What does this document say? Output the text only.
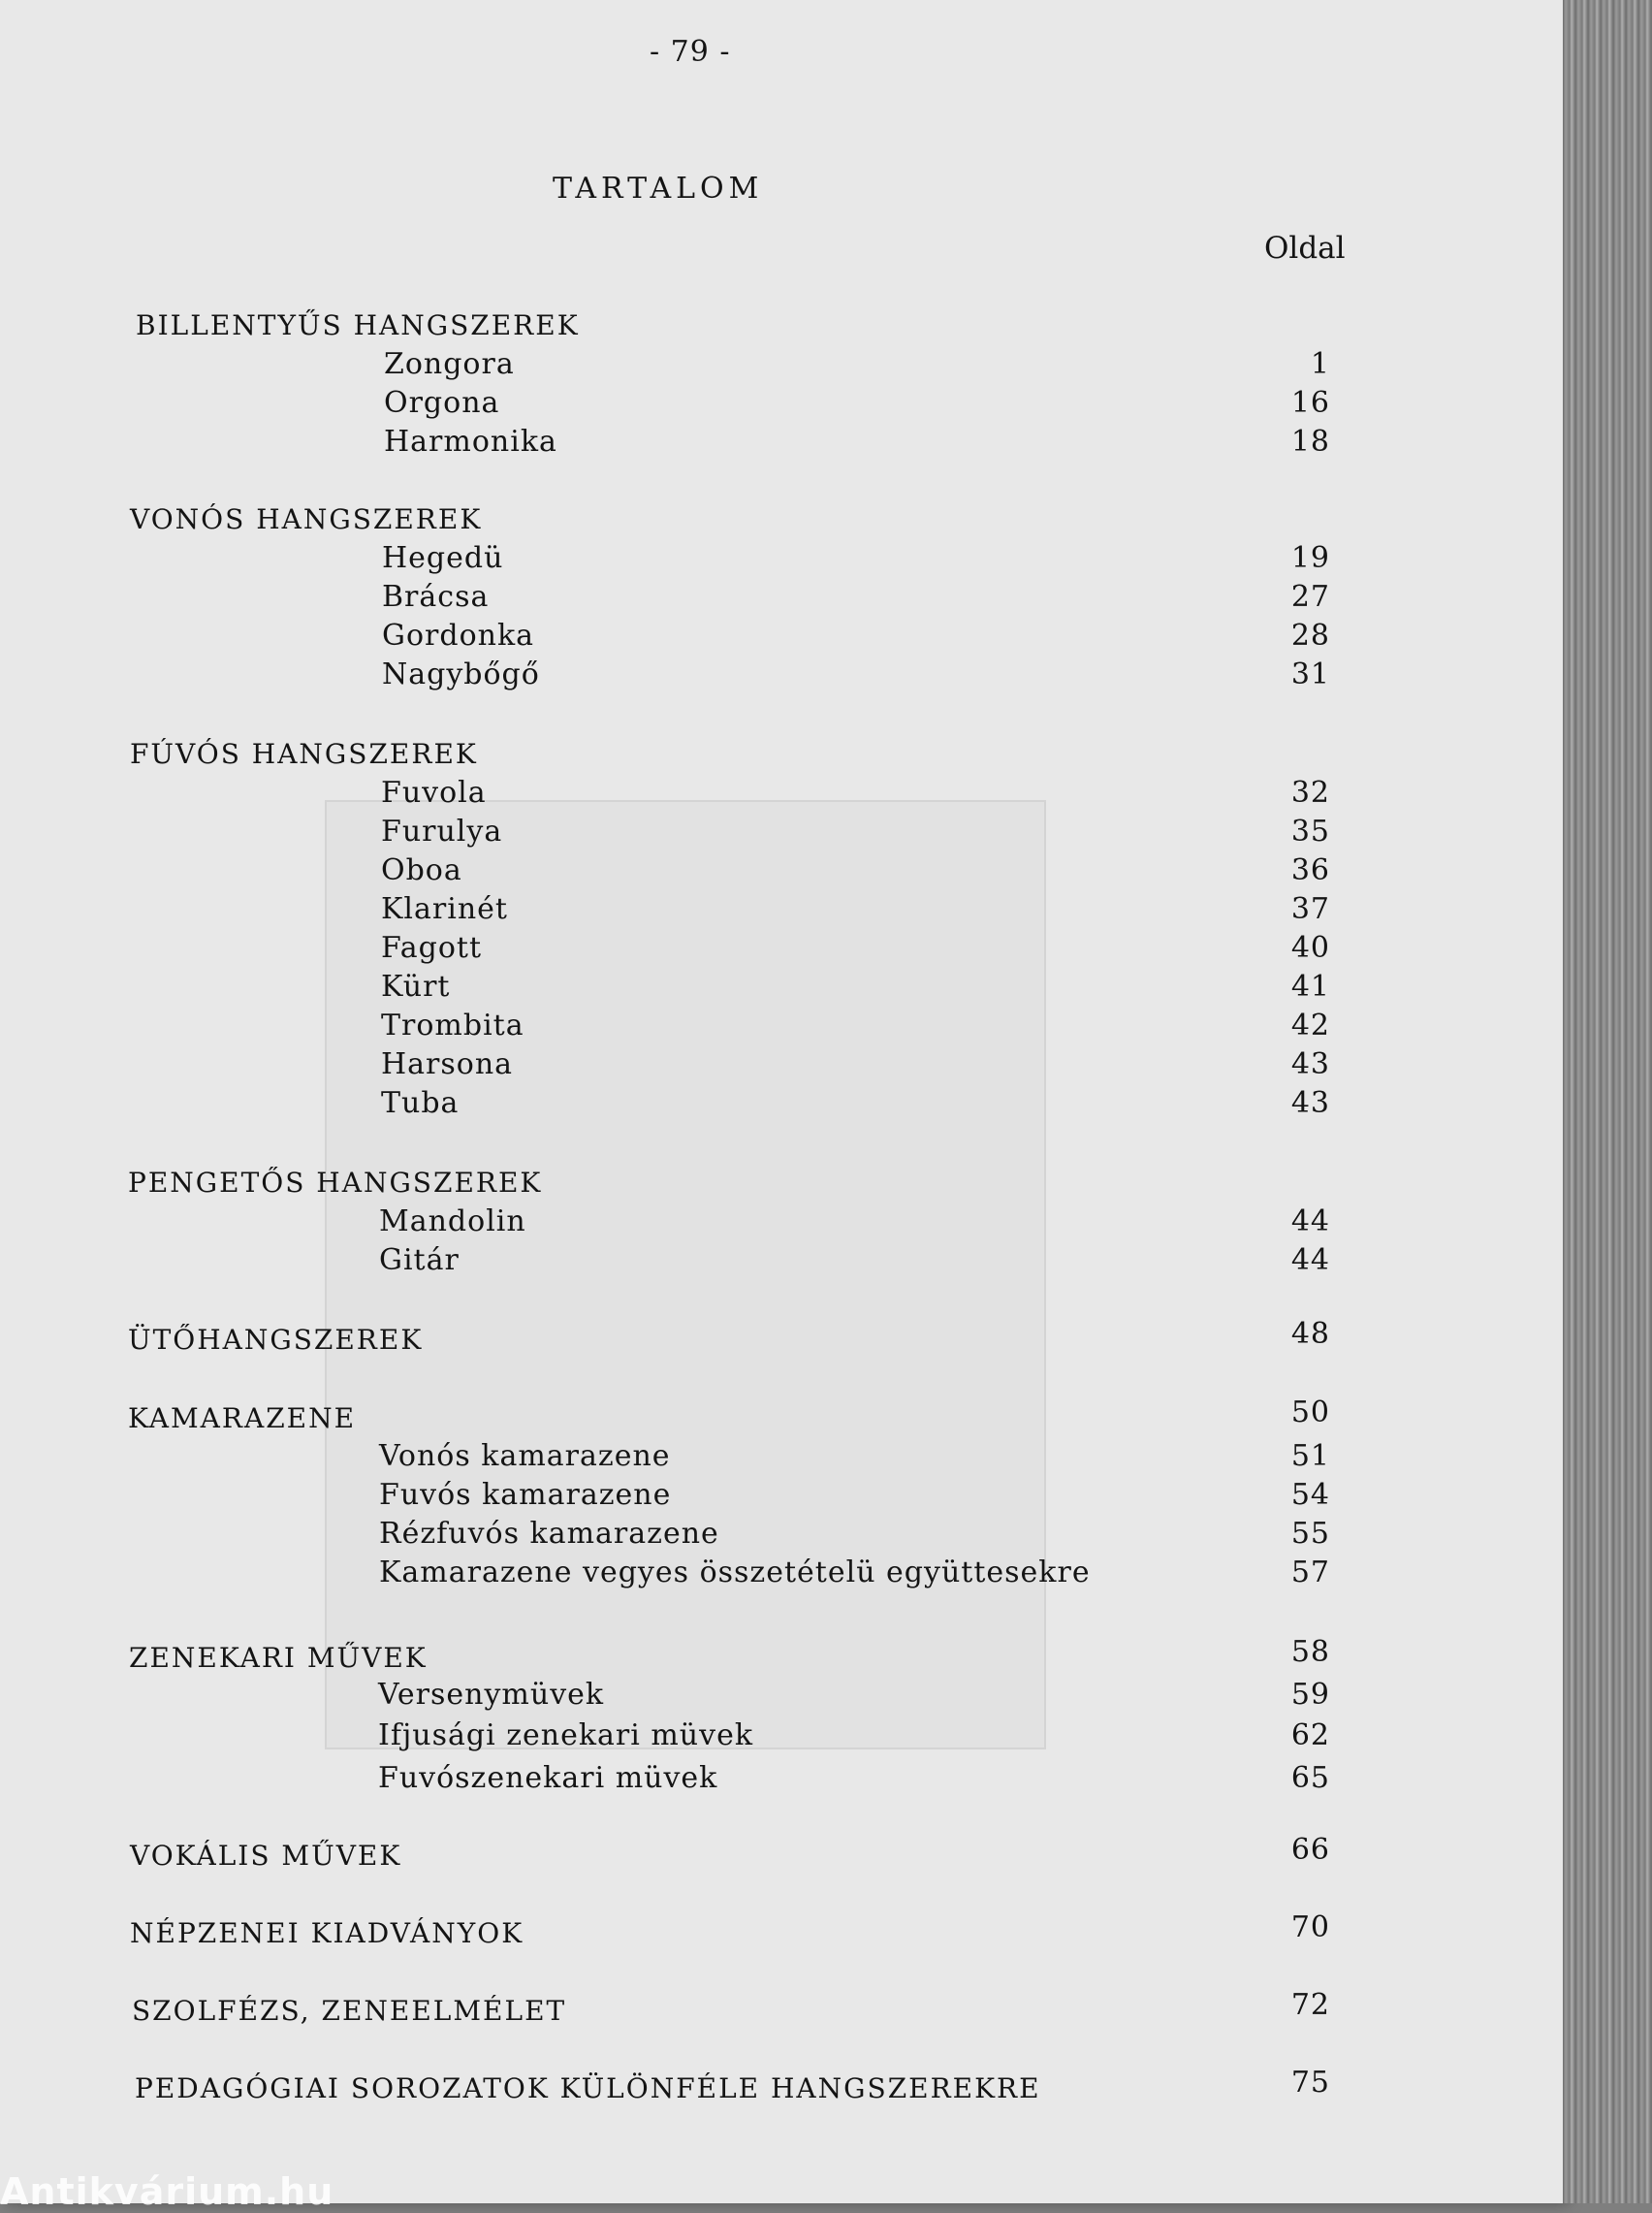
- 79 -
TARTALOM
Oldal
BILLENTYŰS HANGSZEREK
Zongora	1
Orgona	16
Harmonika	18
VONÓS HANGSZEREK
Hegedü	19
Brácsa	27
Gordonka	28
Nagybőgő	31
FÚVÓS HANGSZEREK
Fuvola	32
Furulya	35
Oboa	36
Klarinét	37
Fagott	40
Kürt	41
Trombita	42
Harsona	43
Tuba	43
PENGETŐS HANGSZEREK
Mandolin	44
Gitár	44
ÜTŐHANGSZEREK	48
KAMARAZENE	50
Vonós kamarazene	51
Fuvós kamarazene	54
Rézfuvós kamarazene	55
Kamarazene vegyes összetételü együttesekre	57
ZENEKARI MŰVEK	58
Versenymüvek	59
Ifjusági zenekari müvek	62
Fuvószenekari müvek	65
VOKÁLIS MŰVEK	66
NÉPZENEI KIADVÁNYOK	70
SZOLFÉZS, ZENEELMÉLET	72
PEDAGÓGIAI SOROZATOK KÜLÖNFÉLE HANGSZEREKRE	75
Antikvárium.hu
